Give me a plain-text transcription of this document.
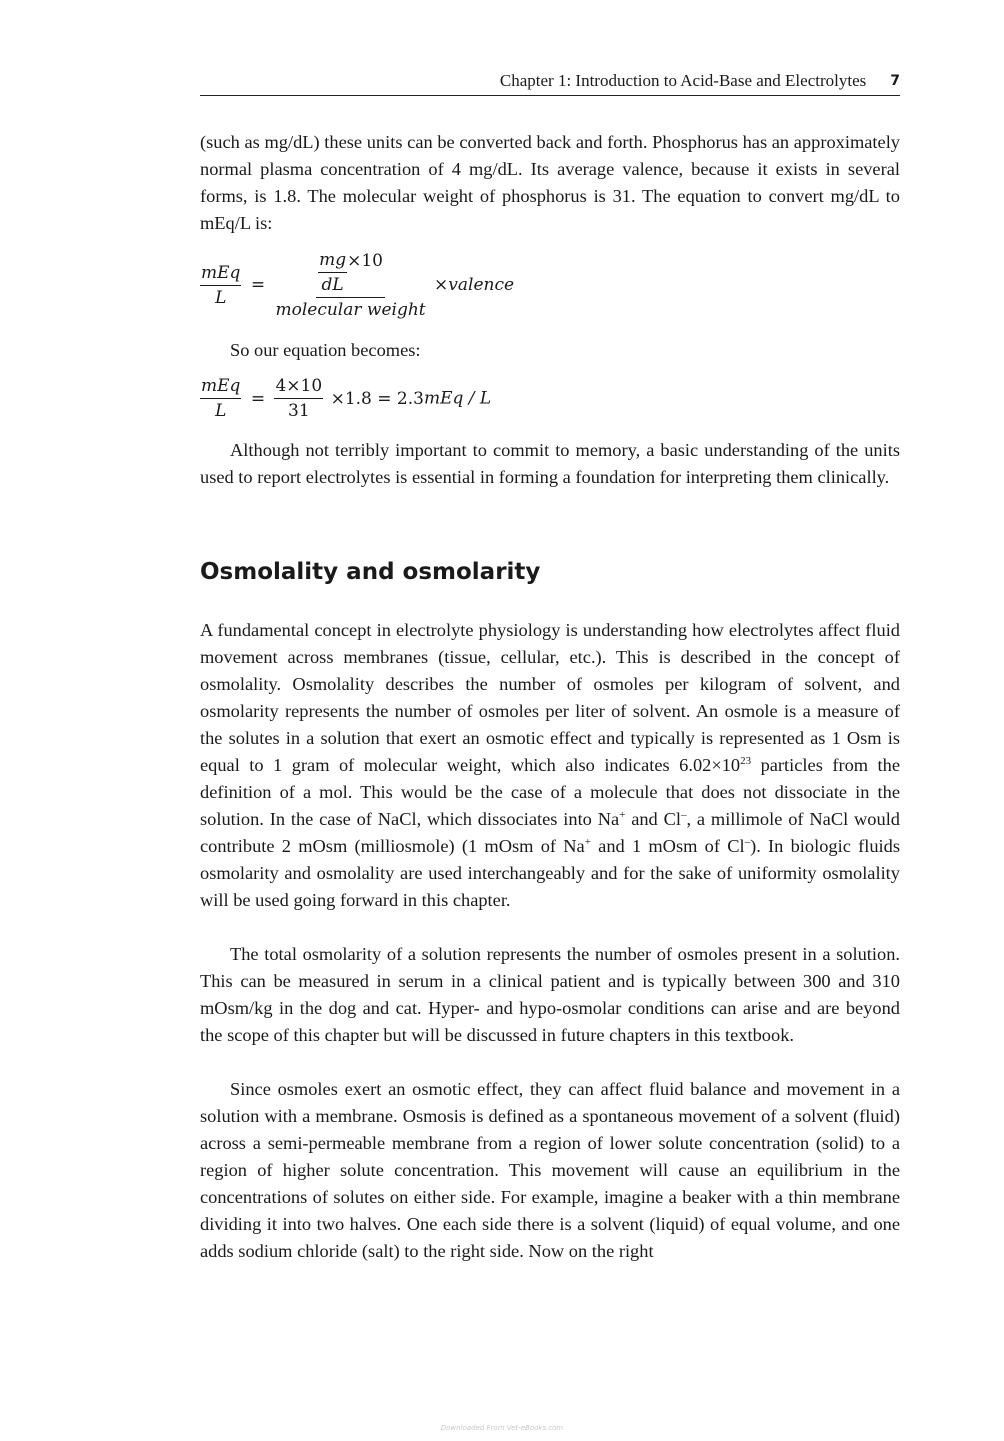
Chapter 1: Introduction to Acid-Base and Electrolytes 7

(such as mg/dL) these units can be converted back and forth. Phosphorus has an approximately normal plasma concentration of 4 mg/dL. Its average valence, because it exists in several forms, is 1.8. The molecular weight of phosphorus is 31. The equation to convert mg/dL to mEq/L is:

$\frac{\text{mEq}}{L} = \frac{\frac{mg}{dL} \times 10}{\text{molecular weight}}$ ×valence

So our equation becomes:

$\frac{\text{mEq}}{L} = \frac{4\times 10}{31} \times 1.8 = 2.3mEq / L$

Although not terribly important to commit to memory, a basic understanding of the units used to report electrolytes is essential in forming a foundation for interpreting them clinically.

Osmolality and osmolarity

A fundamental concept in electrolyte physiology is understanding how electrolytes affect fluid movement across membranes (tissue, cellular, etc.). This is described in the concept of osmolality. Osmolality describes the number of osmoles per kilogram of solvent, and osmolarity represents the number of osmoles per liter of solvent. An osmole is a measure of the solutes in a solution that exert an osmotic effect and typically is represented as 1 Osm is equal to 1 gram of molecular weight, which also indicates $6.02\times 10^{23}$ particles from the definition of a mol. This would be the case of a molecule that does not dissociate in the solution. In the case of NaCl, which dissociates into Na+ and Cl–, a millimole of NaCl would contribute 2 mOsm (milliosmole) (1 mOsm of Na+ and 1 mOsm of Cl–). In biologic fluids osmolarity and osmolality are used interchangeably and for the sake of uniformity osmolality will be used going forward in this chapter.

The total osmolarity of a solution represents the number of osmoles present in a solution. This can be measured in serum in a clinical patient and is typically between 300 and 310 mOsm/kg in the dog and cat. Hyper- and hypo-osmolar conditions can arise and are beyond the scope of this chapter but will be discussed in future chapters in this textbook.

Since osmoles exert an osmotic effect, they can affect fluid balance and movement in a solution with a membrane. Osmosis is defined as a spontaneous movement of a solvent (fluid) across a semi-permeable membrane from a region of lower solute concentration (solid) to a region of higher solute concentration. This movement will cause an equilibrium in the concentrations of solutes on either side. For example, imagine a beaker with a thin membrane dividing it into two halves. One each side there is a solvent (liquid) of equal volume, and one adds sodium chloride (salt) to the right side. Now on the right

Downloaded From Vet-eBooks.com
